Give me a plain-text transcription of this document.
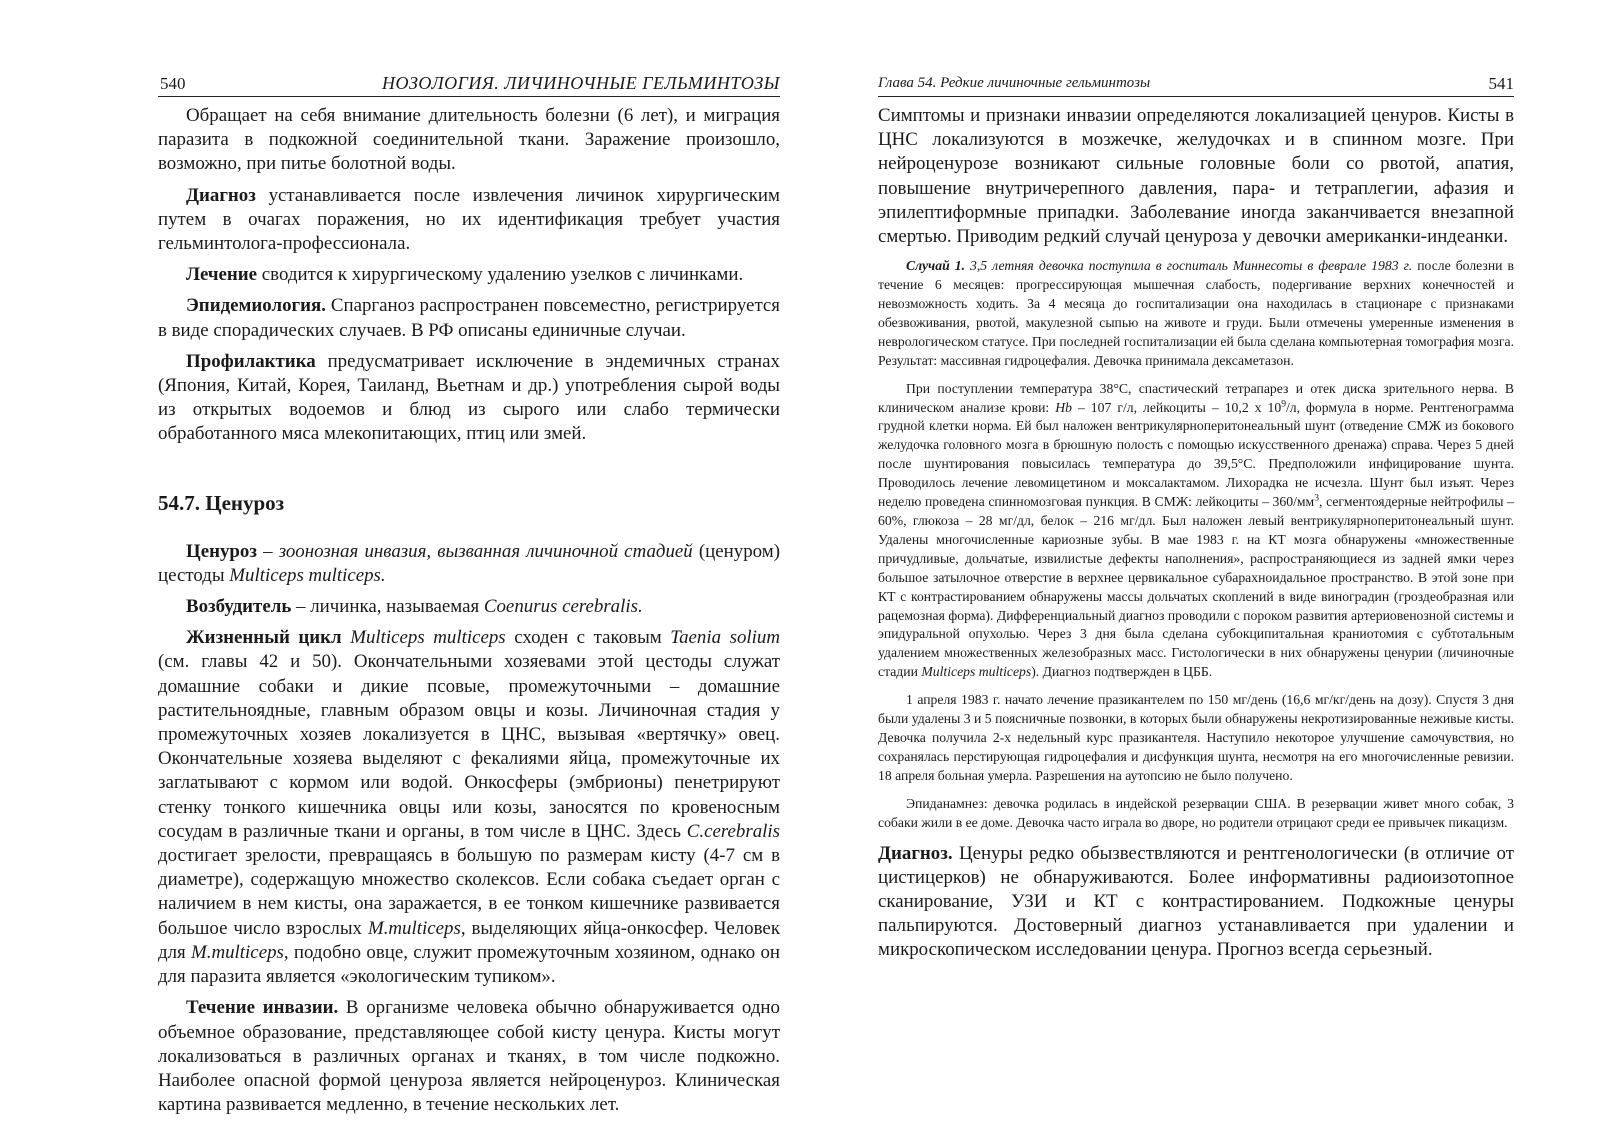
540	НОЗОЛОГИЯ. ЛИЧИНОЧНЫЕ ГЕЛЬМИНТОЗЫ

Обращает на себя внимание длительность болезни (6 лет), и миграция паразита в подкожной соединительной ткани. Заражение произошло, возможно, при питье болотной воды.

Диагноз устанавливается после извлечения личинок хирургическим путем в очагах поражения, но их идентификация требует участия гельминтолога-профессионала.

Лечение сводится к хирургическому удалению узелков с личинками.

Эпидемиология. Спарганоз распространен повсеместно, регистрируется в виде спорадических случаев. В РФ описаны единичные случаи.

Профилактика предусматривает исключение в эндемичных странах (Япония, Китай, Корея, Таиланд, Вьетнам и др.) употребления сырой воды из открытых водоемов и блюд из сырого или слабо термически обработанного мяса млекопитающих, птиц или змей.

54.7. Ценуроз

Ценуроз – зоонозная инвазия, вызванная личиночной стадией (ценуром) цестоды Multiceps multiceps.

Возбудитель – личинка, называемая Coenurus cerebralis.

Жизненный цикл Multiceps multiceps сходен с таковым Taenia solium (см. главы 42 и 50). Окончательными хозяевами этой цестоды служат домашние собаки и дикие псовые, промежуточными – домашние растительноядные, главным образом овцы и козы. Личиночная стадия у промежуточных хозяев локализуется в ЦНС, вызывая «вертячку» овец. Окончательные хозяева выделяют с фекалиями яйца, промежуточные их заглатывают с кормом или водой. Онкосферы (эмбрионы) пенетрируют стенку тонкого кишечника овцы или козы, заносятся по кровеносным сосудам в различные ткани и органы, в том числе в ЦНС. Здесь C.cerebralis достигает зрелости, превращаясь в большую по размерам кисту (4-7 см в диаметре), содержащую множество сколексов. Если собака съедает орган с наличием в нем кисты, она заражается, в ее тонком кишечнике развивается большое число взрослых M.multiceps, выделяющих яйца-онкосфер. Человек для M.multiceps, подобно овце, служит промежуточным хозяином, однако он для паразита является «экологическим тупиком».

Течение инвазии. В организме человека обычно обнаруживается одно объемное образование, представляющее собой кисту ценура. Кисты могут локализоваться в различных органах и тканях, в том числе подкожно. Наиболее опасной формой ценуроза является нейроценуроз. Клиническая картина развивается медленно, в течение нескольких лет.

Глава 54. Редкие личиночные гельминтозы	541

Симптомы и признаки инвазии определяются локализацией ценуров. Кисты в ЦНС локализуются в мозжечке, желудочках и в спинном мозге. При нейроценурозе возникают сильные головные боли со рвотой, апатия, повышение внутричерепного давления, пара- и тетраплегии, афазия и эпилептиформные припадки. Заболевание иногда заканчивается внезапной смертью. Приводим редкий случай ценуроза у девочки американки-индеанки.

Случай 1. 3,5 летняя девочка поступила в госпиталь Миннесоты в феврале 1983 г. после болезни в течение 6 месяцев: прогрессирующая мышечная слабость, подергивание верхних конечностей и невозможность ходить. За 4 месяца до госпитализации она находилась в стационаре с признаками обезвоживания, рвотой, макулезной сыпью на животе и груди. Были отмечены умеренные изменения в неврологическом статусе. При последней госпитализации ей была сделана компьютерная томография мозга. Результат: массивная гидроцефалия. Девочка принимала дексаметазон.

При поступлении температура 38°С, спастический тетрапарез и отек диска зрительного нерва. В клиническом анализе крови: Hb – 107 г/л, лейкоциты – 10,2 х $10^9/л$, формула в норме. Рентгенограмма грудной клетки норма. Ей был наложен вентрикулярноперитонеальный шунт (отведение СМЖ из бокового желудочка головного мозга в брюшную полость с помощью искусственного дренажа) справа. Через 5 дней после шунтирования повысилась температура до 39,5°С. Предположили инфицирование шунта. Проводилось лечение левомицетином и моксалактамом. Лихорадка не исчезла. Шунт был изъят. Через неделю проведена спинномозговая пункция. В СМЖ: лейкоциты – $360/мм^3$, сегментоядерные нейтрофилы – 60%, глюкоза – 28 мг/дл, белок – 216 мг/дл. Был наложен левый вентрикулярноперитонеальный шунт. Удалены многочисленные кариозные зубы. В мае 1983 г. на КТ мозга обнаружены «множественные причудливые, дольчатые, извилистые дефекты наполнения», распространяющиеся из задней ямки через большое затылочное отверстие в верхнее цервикальное субарахноидальное пространство. В этой зоне при КТ с контрастированием обнаружены массы дольчатых скоплений в виде виноградин (гроздеобразная или рацемозная форма). Дифференциальный диагноз проводили с пороком развития артериовенозной системы и эпидуральной опухолью. Через 3 дня была сделана субокципитальная краниотомия с субтотальным удалением множественных железобразных масс. Гистологически в них обнаружены ценурии (личиночные стадии Multiceps multiceps). Диагноз подтвержден в ЦББ.

1 апреля 1983 г. начато лечение празикантелем по 150 мг/день (16,6 мг/кг/день на дозу). Спустя 3 дня были удалены 3 и 5 поясничные позвонки, в которых были обнаружены некротизированные неживые кисты. Девочка получила 2-х недельный курс празикантеля. Наступило некоторое улучшение самочувствия, но сохранялась перстирующая гидроцефалия и дисфункция шунта, несмотря на его многочисленные ревизии. 18 апреля больная умерла. Разрешения на аутопсию не было получено.

Эпиданамнез: девочка родилась в индейской резервации США. В резервации живет много собак, 3 собаки жили в ее доме. Девочка часто играла во дворе, но родители отрицают среди ее привычек пикацизм.

Диагноз. Ценуры редко обызвествляются и рентгенологически (в отличие от цистицерков) не обнаруживаются. Более информативны радиоизотопное сканирование, УЗИ и КТ с контрастированием. Подкожные ценуры пальпируются. Достоверный диагноз устанавливается при удалении и микроскопическом исследовании ценура. Прогноз всегда серьезный.
